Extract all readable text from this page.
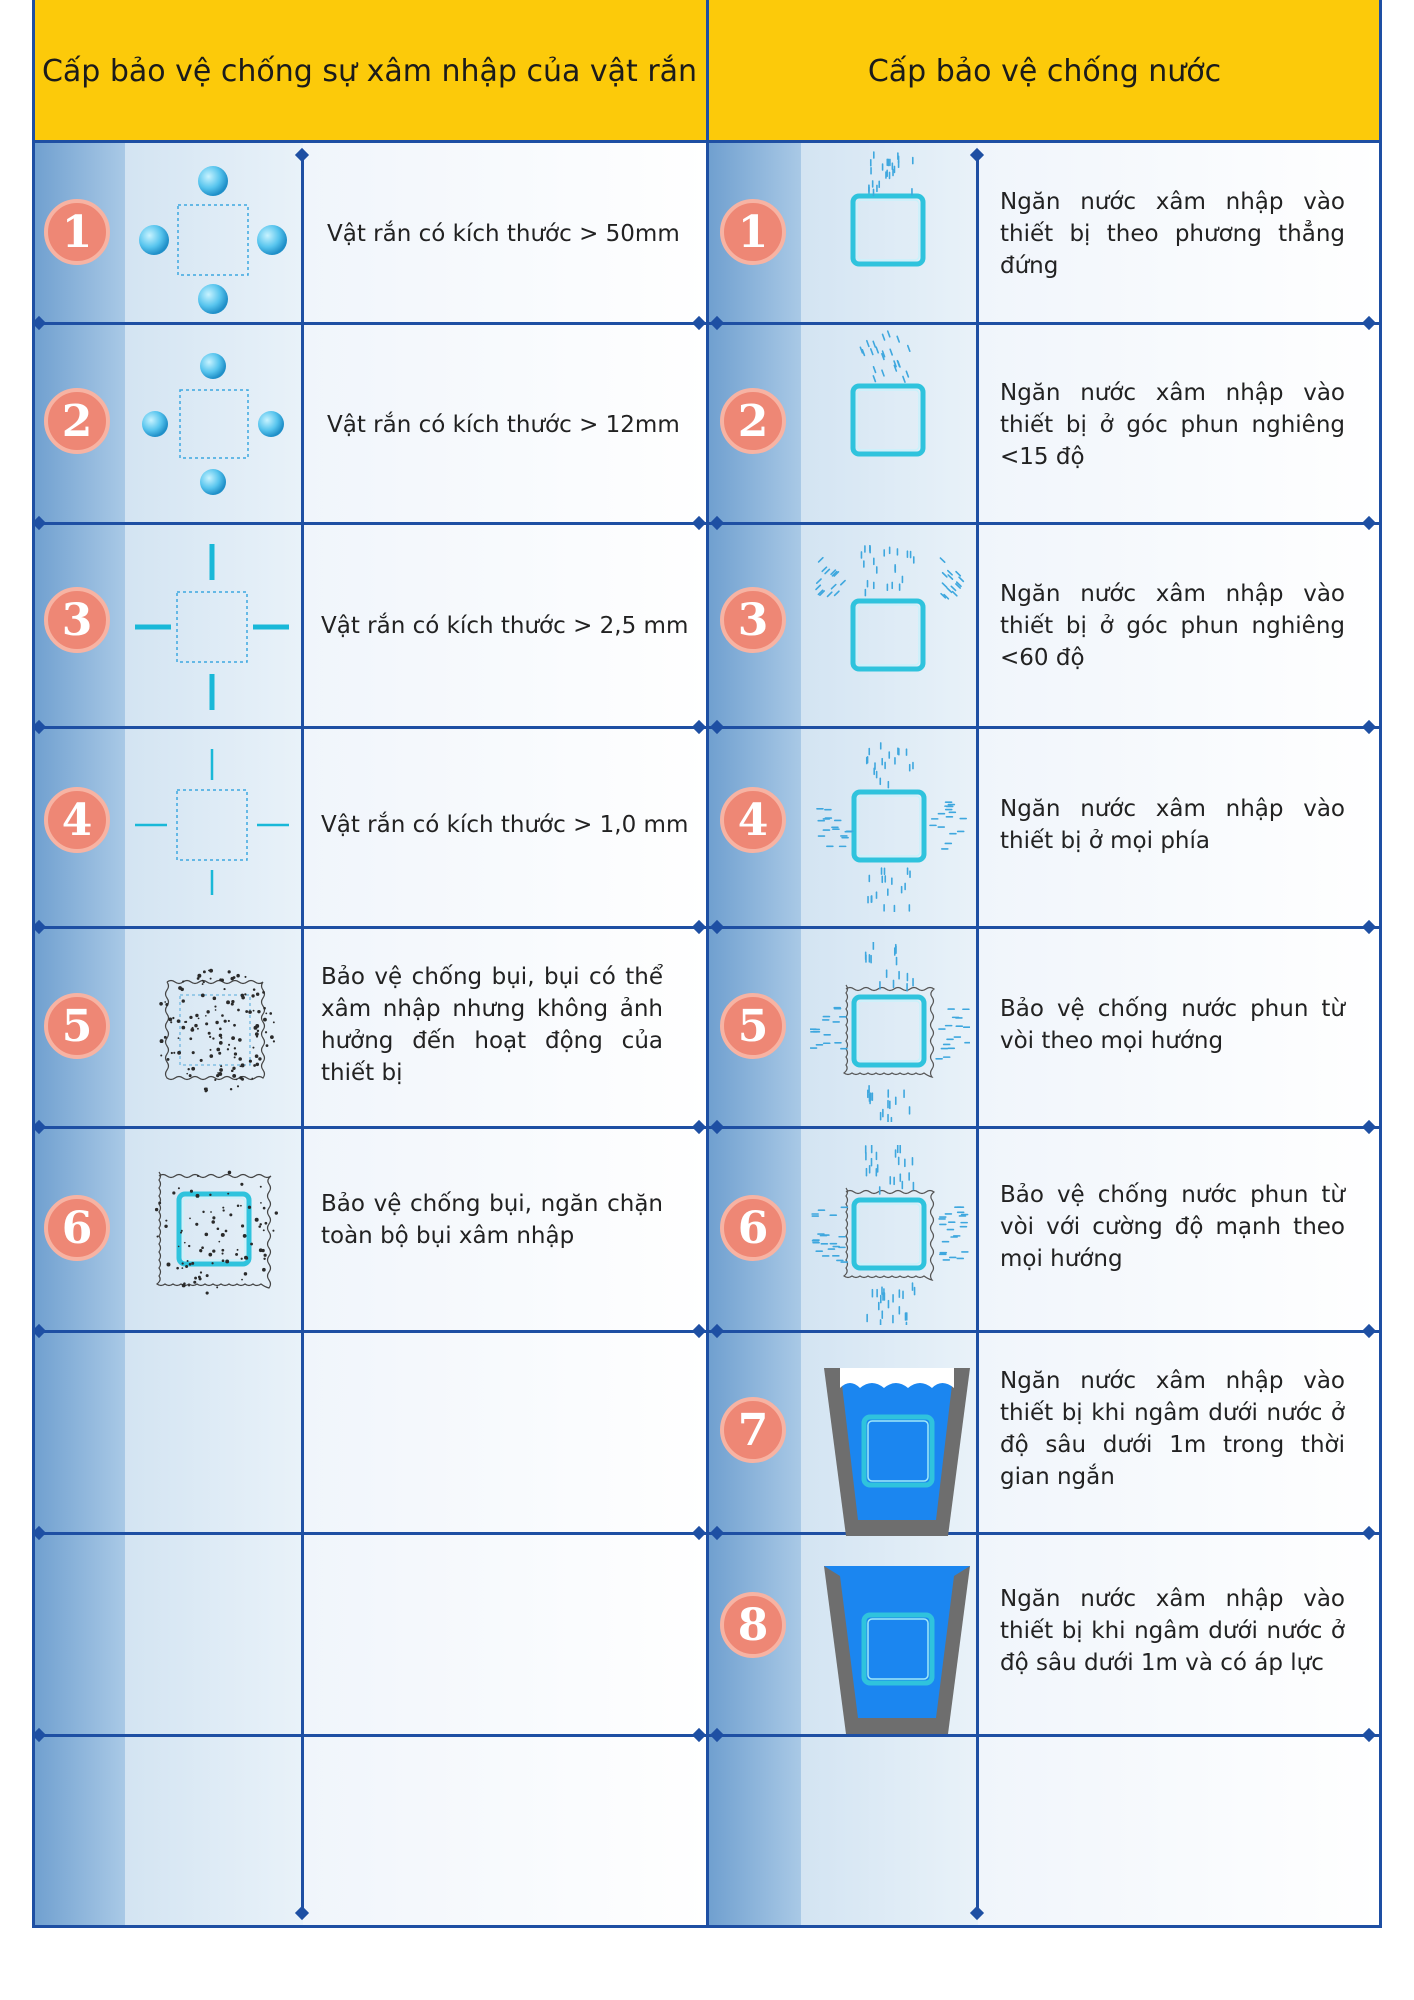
Cấp bảo vệ chống sự xâm nhập của vật rắn	Cấp bảo vệ chống nước
1
2
3
4
5
6
Vật rắn có kích thước > 50mm
Vật rắn có kích thước > 12mm
Vật rắn có kích thước > 2,5 mm
Vật rắn có kích thước > 1,0 mm
Bảo vệ chống bụi, bụi có thể xâm nhập nhưng không ảnh hưởng đến hoạt động của thiết bị
Bảo vệ chống bụi, ngăn chặn toàn bộ bụi xâm nhập
1
2
3
4
5
6
7
8
Ngăn nước xâm nhập vào thiết bị theo phương thẳng đứng
Ngăn nước xâm nhập vào thiết bị ở góc phun nghiêng <15 độ
Ngăn nước xâm nhập vào thiết bị ở góc phun nghiêng <60 độ
Ngăn nước xâm nhập vào thiết bị ở mọi phía
Bảo vệ chống nước phun từ vòi theo mọi hướng
Bảo vệ chống nước phun từ vòi với cường độ mạnh theo mọi hướng
Ngăn nước xâm nhập vào thiết bị khi ngâm dưới nước ở độ sâu dưới 1m trong thời gian ngắn
Ngăn nước xâm nhập vào thiết bị khi ngâm dưới nước ở độ sâu dưới 1m và có áp lực
